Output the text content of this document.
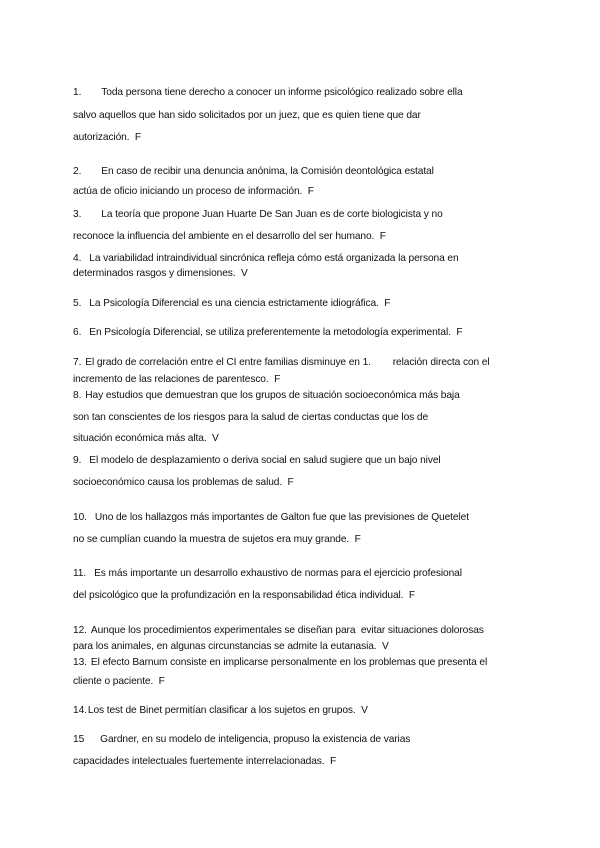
1. Toda persona tiene derecho a conocer un informe psicológico realizado sobre ella
salvo aquellos que han sido solicitados por un juez, que es quien tiene que dar
autorización.  F
2. En caso de recibir una denuncia anónima, la Comisión deontológica estatal
actúa de oficio iniciando un proceso de información.  F
3. La teoría que propone Juan Huarte De San Juan es de corte biologicista y no
reconoce la influencia del ambiente en el desarrollo del ser humano.  F
4. La variabilidad intraindividual sincrónica refleja cómo está organizada la persona en
determinados rasgos y dimensiones.  V
5. La Psicología Diferencial es una ciencia estrictamente idiográfica.  F
6. En Psicología Diferencial, se utiliza preferentemente la metodología experimental.  F
7. El grado de correlación entre el CI entre familias disminuye en 1.        relación directa con el
incremento de las relaciones de parentesco.  F
8. Hay estudios que demuestran que los grupos de situación socioeconómica más baja
son tan conscientes de los riesgos para la salud de ciertas conductas que los de
situación económica más alta.  V
9. El modelo de desplazamiento o deriva social en salud sugiere que un bajo nivel
socioeconómico causa los problemas de salud.  F
10. Uno de los hallazgos más importantes de Galton fue que las previsiones de Quetelet
no se cumplían cuando la muestra de sujetos era muy grande.  F
11. Es más importante un desarrollo exhaustivo de normas para el ejercicio profesional
del psicológico que la profundización en la responsabilidad ética individual.  F
12. Aunque los procedimientos experimentales se diseñan para  evitar situaciones dolorosas
para los animales, en algunas circunstancias se admite la eutanasia.  V
13. El efecto Barnum consiste en implicarse personalmente en los problemas que presenta el
cliente o paciente.  F
14.Los test de Binet permitían clasificar a los sujetos en grupos.  V
15 Gardner, en su modelo de inteligencia, propuso la existencia de varias
capacidades intelectuales fuertemente interrelacionadas.  F
